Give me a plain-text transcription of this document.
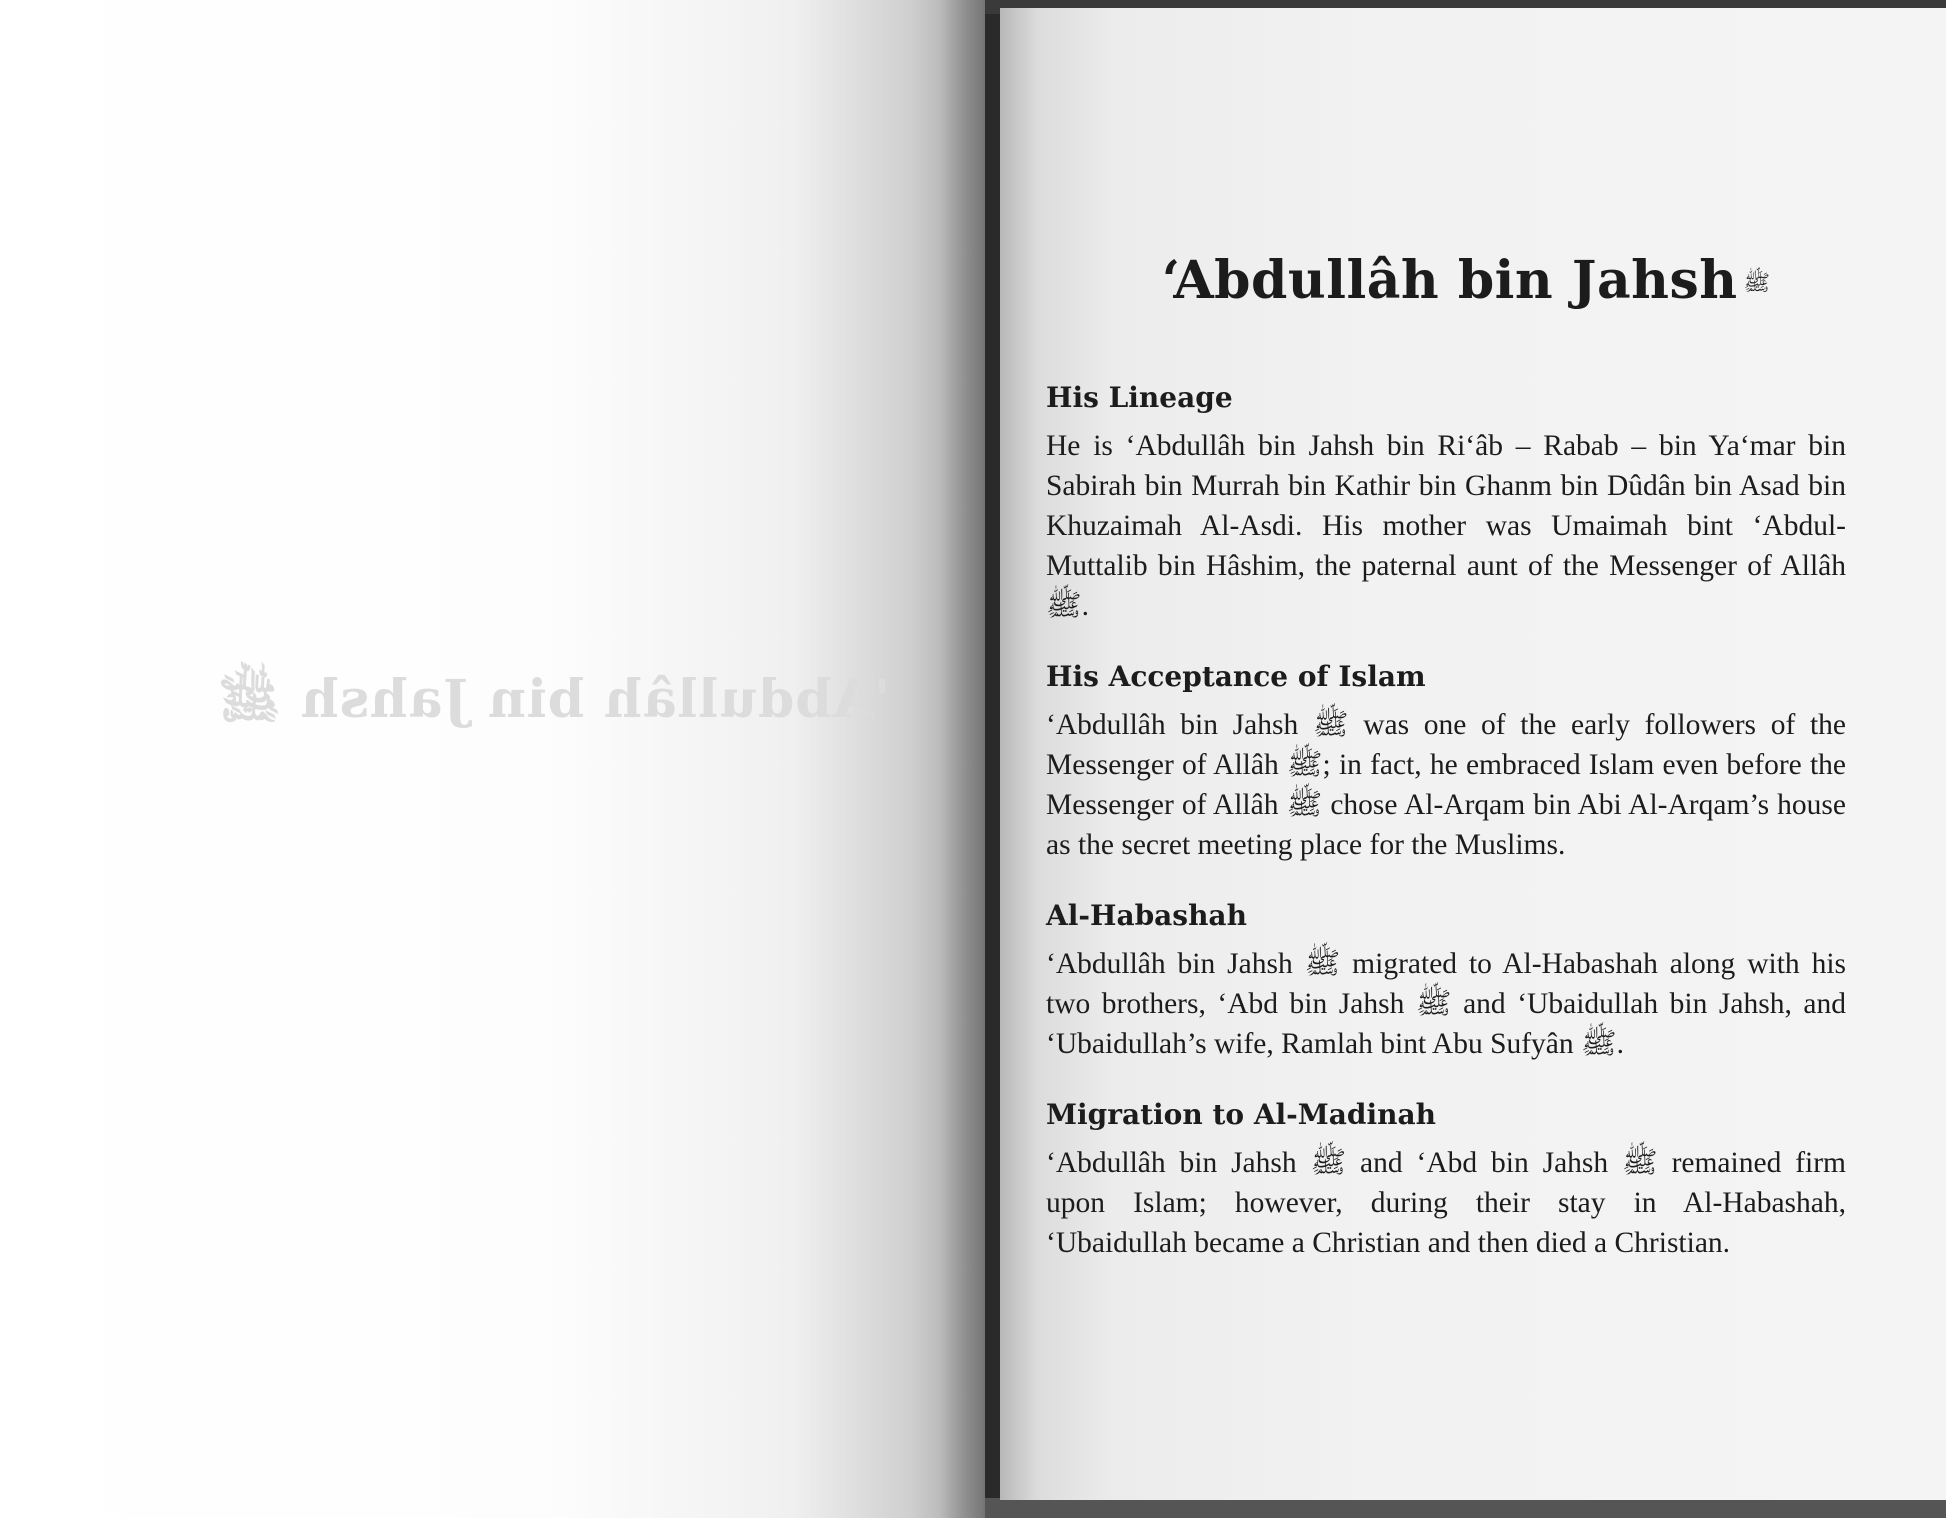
'Abdullâh bin Jahsh ﷺ
‘Abdullâh bin Jahsh ﷺ
His Lineage

He is ‘Abdullâh bin Jahsh bin Ri‘âb – Rabab – bin Ya‘mar bin Sabirah bin Murrah bin Kathir bin Ghanm bin Dûdân bin Asad bin Khuzaimah Al-Asdi. His mother was Umaimah bint ‘Abdul-Muttalib bin Hâshim, the paternal aunt of the Messenger of Allâh ﷺ.

His Acceptance of Islam

‘Abdullâh bin Jahsh ﷺ was one of the early followers of the Messenger of Allâh ﷺ; in fact, he embraced Islam even before the Messenger of Allâh ﷺ chose Al-Arqam bin Abi Al-Arqam’s house as the secret meeting place for the Muslims.

Al-Habashah

‘Abdullâh bin Jahsh ﷺ migrated to Al-Habashah along with his two brothers, ‘Abd bin Jahsh ﷺ and ‘Ubaidullah bin Jahsh, and ‘Ubaidullah’s wife, Ramlah bint Abu Sufyân ﷺ.

Migration to Al-Madinah

‘Abdullâh bin Jahsh ﷺ and ‘Abd bin Jahsh ﷺ remained firm upon Islam; however, during their stay in Al-Habashah, ‘Ubaidullah became a Christian and then died a Christian.
